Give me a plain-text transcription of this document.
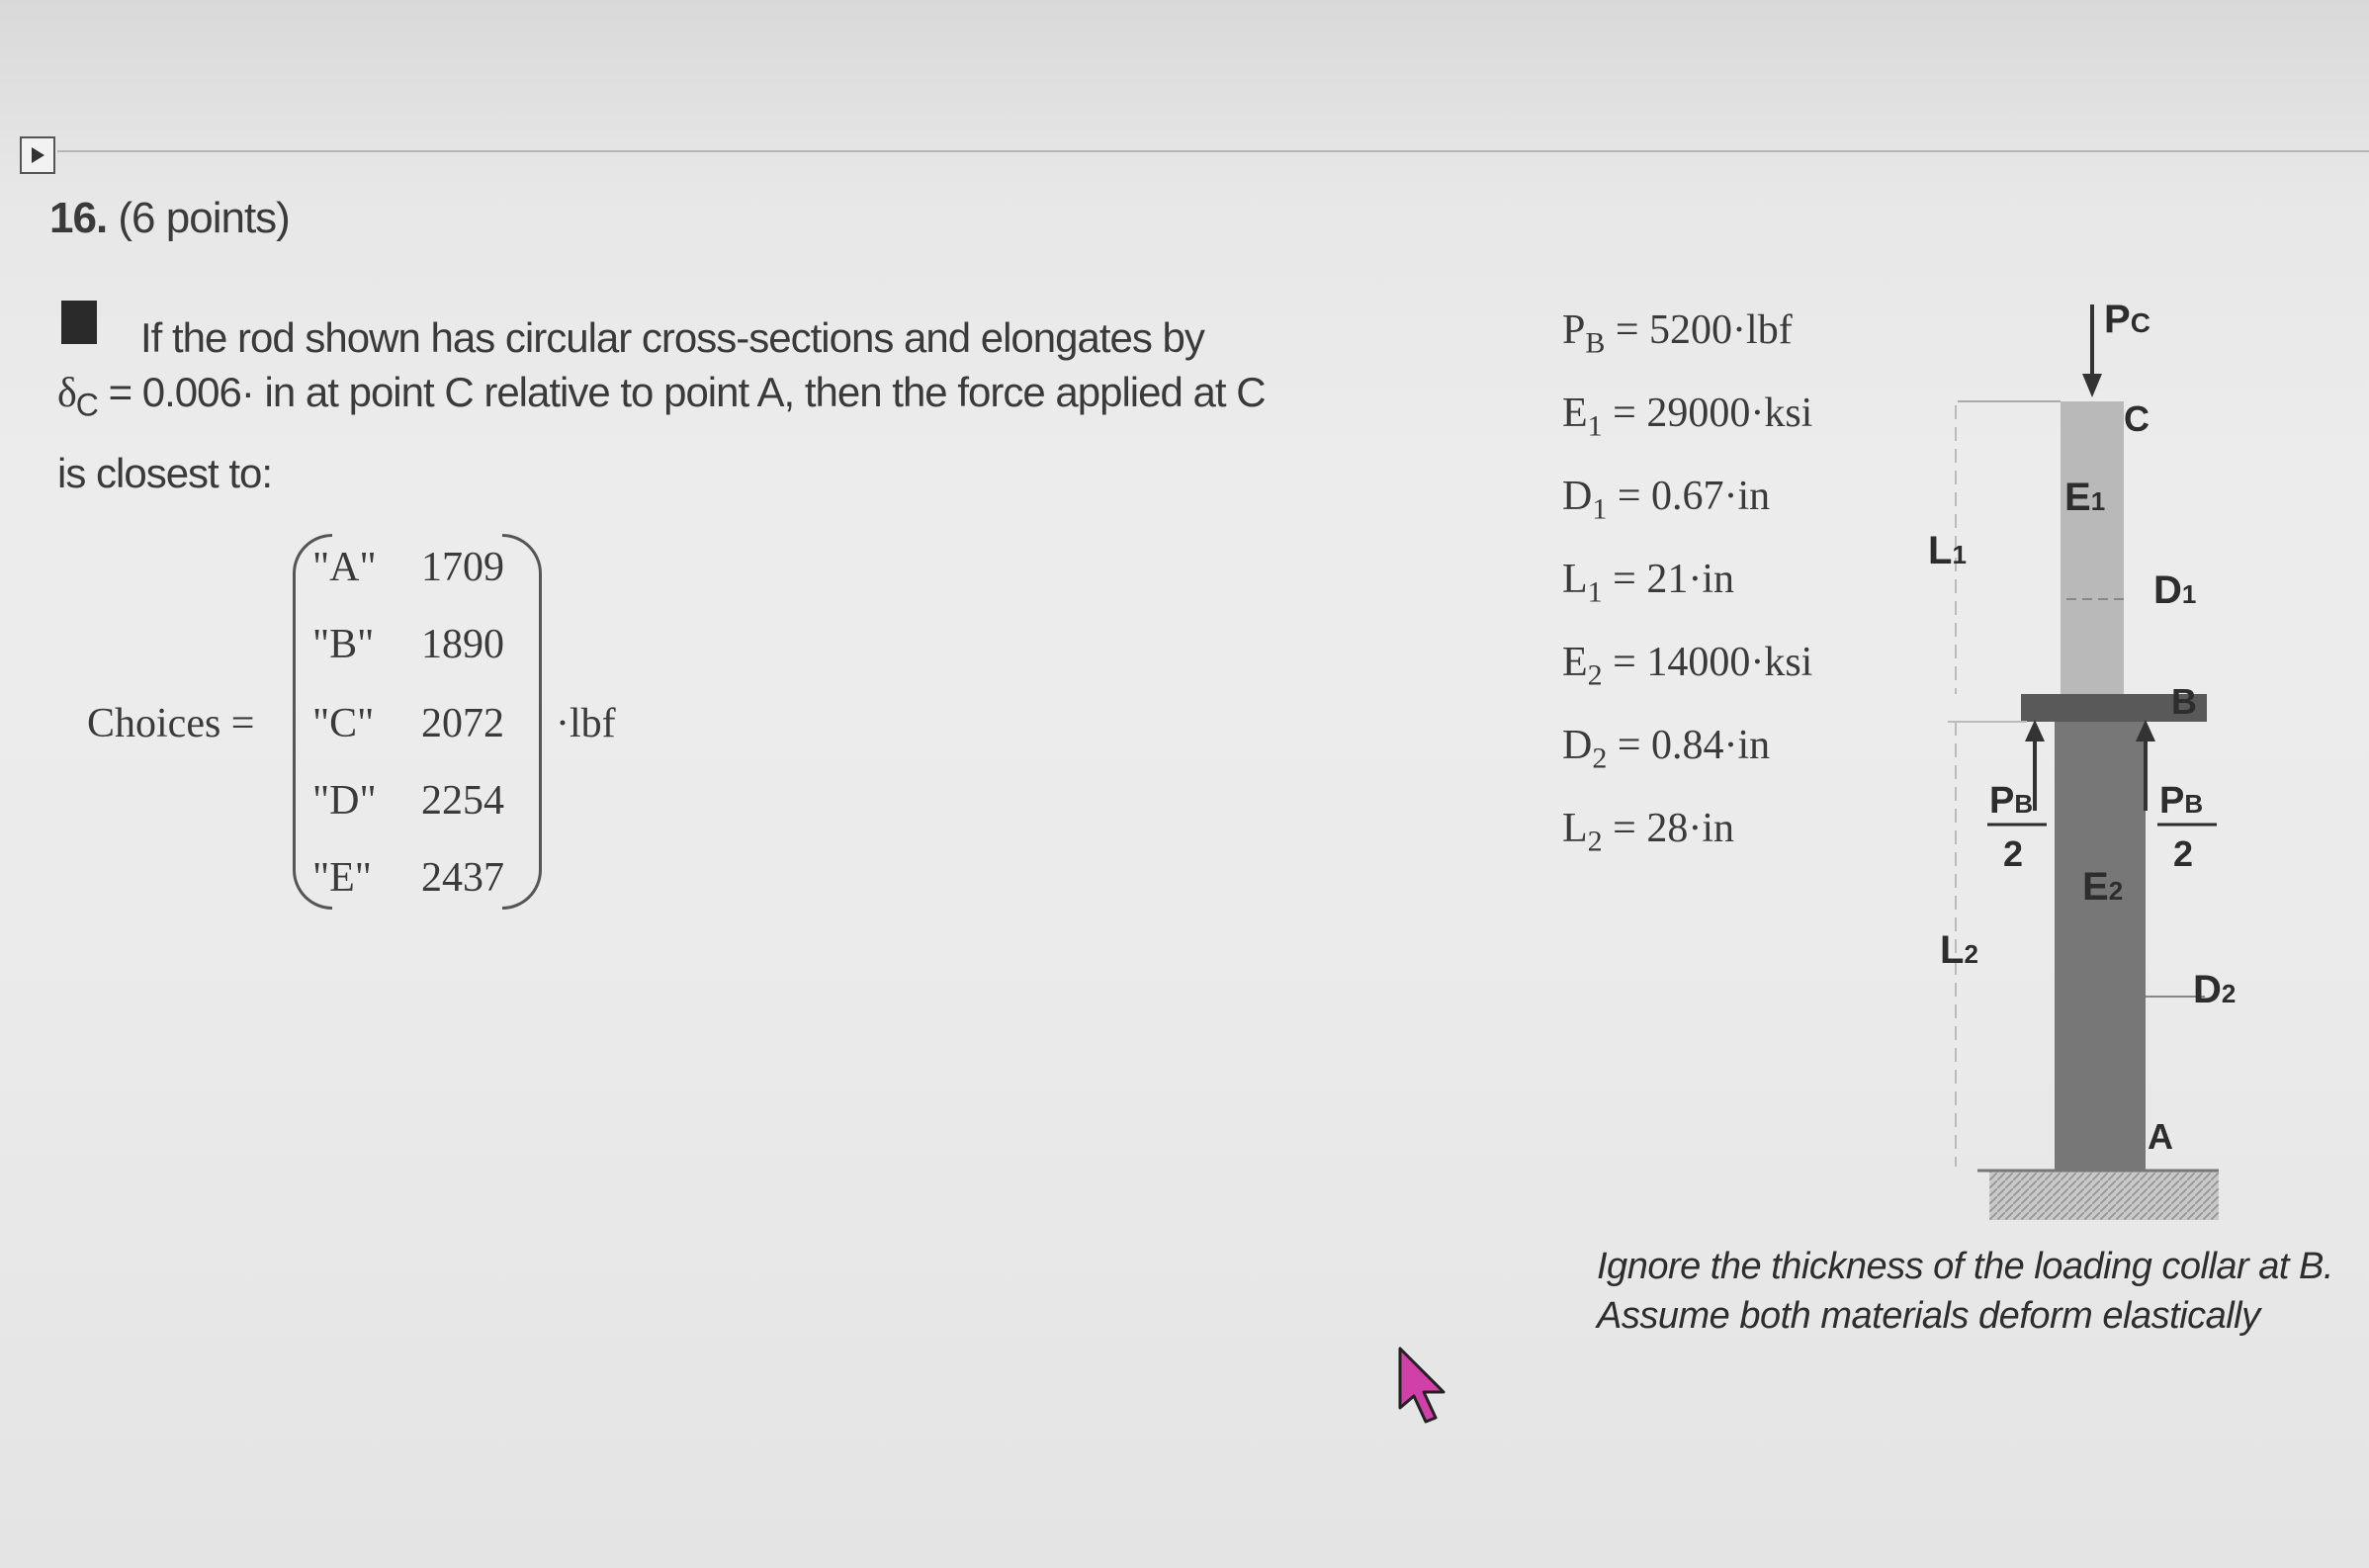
16. (6 points)
If the rod shown has circular cross-sections and elongates by
$\delta_C = 0.006\cdot$ in at point C relative to point A, then the force applied at C
is closest to:
Choices =
"A" 1709
"B" 1890
"C" 2072
"D" 2254
"E" 2437
·lbf
$P_B = 5200\cdot lbf$
$E_1 = 29000\cdot ksi$
$D_1 = 0.67\cdot in$
$L_1 = 21\cdot in$
$E_2 = 14000\cdot ksi$
$D_2 = 0.84\cdot in$
$L_2 = 28\cdot in$
PC
C
E1
L1
D1
B
PB
2
PB
2
E2
L2
D2
A
Ignore the thickness of the loading collar at B.
Assume both materials deform elastically
